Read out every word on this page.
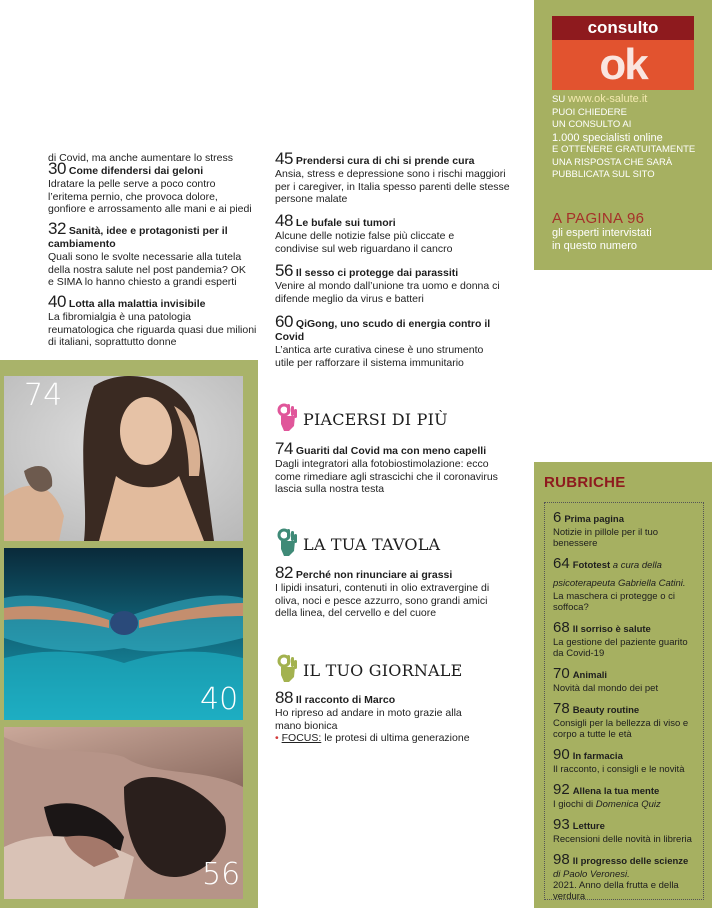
di Covid, ma anche aumentare lo stress
30 Come difendersi dai geloni
Idratare la pelle serve a poco contro l’eritema pernio, che provoca dolore, gonfiore e arrossamento alle mani e ai piedi
32 Sanità, idee e protagonisti per il cambiamento
Quali sono le svolte necessarie alla tutela della nostra salute nel post pandemia? OK e SIMA lo hanno chiesto a grandi esperti
40 Lotta alla malattia invisibile
La fibromialgia è una patologia reumatologica che riguarda quasi due milioni di italiani, soprattutto donne
45 Prendersi cura di chi si prende cura
Ansia, stress e depressione sono i rischi maggiori per i caregiver, in Italia spesso parenti delle stesse persone malate
48 Le bufale sui tumori
Alcune delle notizie false più cliccate e condivise sul web riguardano il cancro
56 Il sesso ci protegge dai parassiti
Venire al mondo dall’unione tra uomo e donna ci difende meglio da virus e batteri
60 QiGong, uno scudo di energia contro il Covid
L’antica arte curativa cinese è uno strumento utile per rafforzare il sistema immunitario
PIACERSI DI PIÙ
74 Guariti dal Covid ma con meno capelli
Dagli integratori alla fotobiostimolazione: ecco come rimediare agli strascichi che il coronavirus lascia sulla nostra testa
LA TUA TAVOLA
82 Perché non rinunciare ai grassi
I lipidi insaturi, contenuti in olio extravergine di oliva, noci e pesce azzurro, sono grandi amici della linea, del cervello e del cuore
IL TUO GIORNALE
88 Il racconto di Marco
Ho ripreso ad andare in moto grazie alla mano bionica
• FOCUS: le protesi di ultima generazione
74
40
56
consulto
ok
SU www.ok-salute.it
PUOI CHIEDERE
UN CONSULTO AI
1.000 specialisti online
E OTTENERE GRATUITAMENTE
UNA RISPOSTA CHE SARÀ
PUBBLICATA SUL SITO
A PAGINA 96
gli esperti intervistati
in questo numero
RUBRICHE
6 Prima pagina
Notizie in pillole per il tuo benessere
64 Fototest a cura della psicoterapeuta Gabriella Catini.
La maschera ci protegge o ci soffoca?
68 Il sorriso è salute
La gestione del paziente guarito da Covid-19
70 Animali
Novità dal mondo dei pet
78 Beauty routine
Consigli per la bellezza di viso e corpo a tutte le età
90 In farmacia
Il racconto, i consigli e le novità
92 Allena la tua mente
I giochi di Domenica Quiz
93 Letture
Recensioni delle novità in libreria
98 Il progresso delle scienze
di Paolo Veronesi.
2021. Anno della frutta e della verdura
